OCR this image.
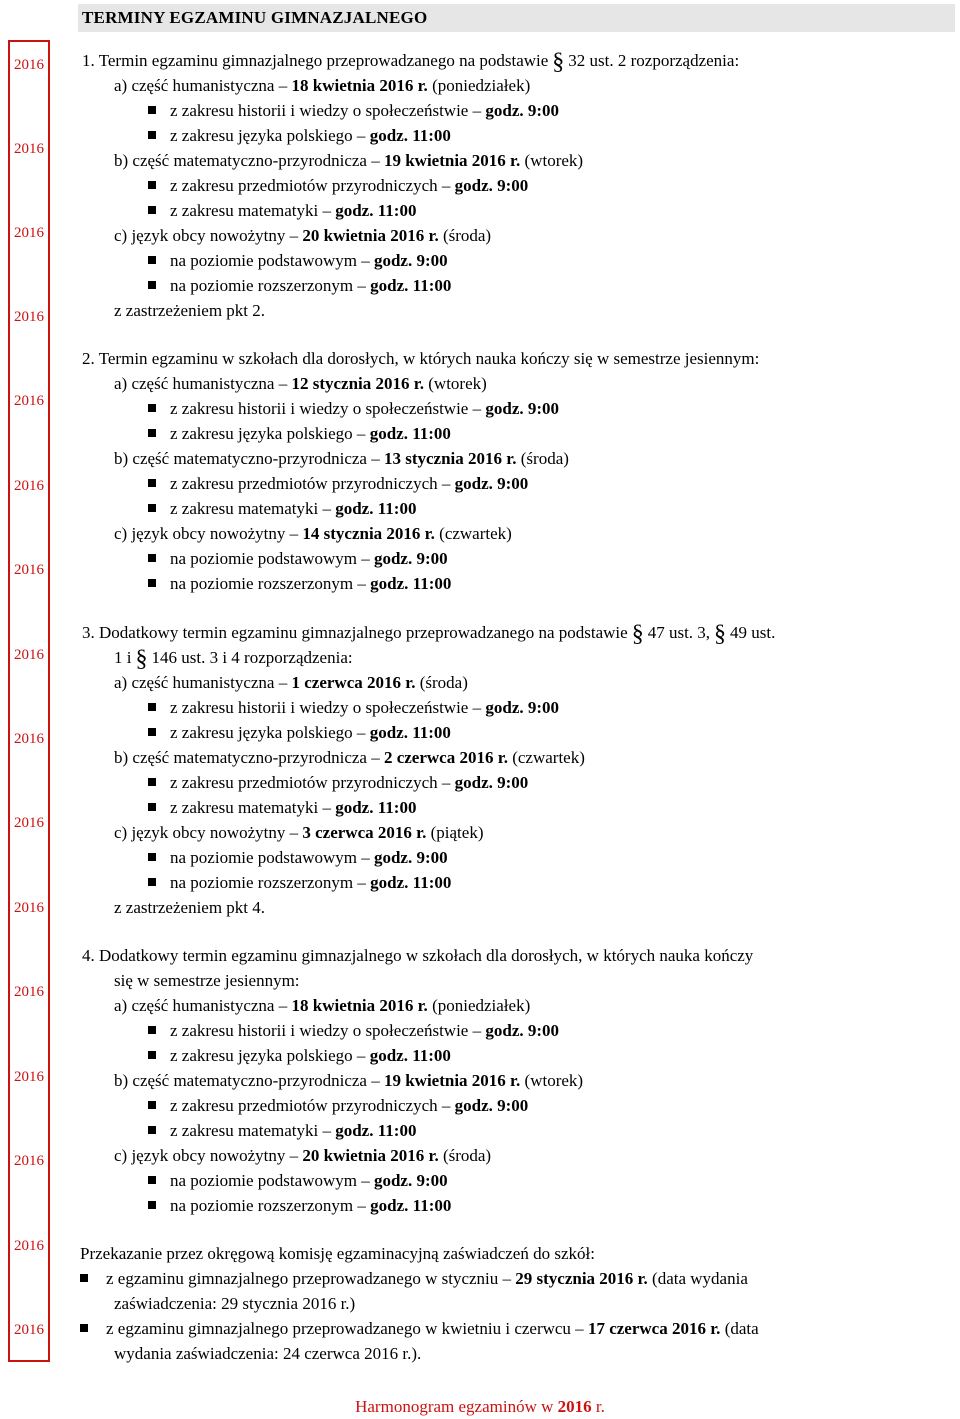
2016
2016
2016
2016
2016
2016
2016
2016
2016
2016
2016
2016
2016
2016
2016
2016
TERMINY EGZAMINU GIMNAZJALNEGO
1. Termin egzaminu gimnazjalnego przeprowadzanego na podstawie § 32 ust. 2 rozporządzenia:
a) część humanistyczna – 18 kwietnia 2016 r. (poniedziałek)
z zakresu historii i wiedzy o społeczeństwie – godz. 9:00
z zakresu języka polskiego – godz. 11:00
b) część matematyczno-przyrodnicza – 19 kwietnia 2016 r. (wtorek)
z zakresu przedmiotów przyrodniczych – godz. 9:00
z zakresu matematyki – godz. 11:00
c) język obcy nowożytny – 20 kwietnia 2016 r. (środa)
na poziomie podstawowym – godz. 9:00
na poziomie rozszerzonym – godz. 11:00
z zastrzeżeniem pkt 2.
2. Termin egzaminu w szkołach dla dorosłych, w których nauka kończy się w semestrze jesiennym:
a) część humanistyczna – 12 stycznia 2016 r. (wtorek)
z zakresu historii i wiedzy o społeczeństwie – godz. 9:00
z zakresu języka polskiego – godz. 11:00
b) część matematyczno-przyrodnicza – 13 stycznia 2016 r. (środa)
z zakresu przedmiotów przyrodniczych – godz. 9:00
z zakresu matematyki – godz. 11:00
c) język obcy nowożytny – 14 stycznia 2016 r. (czwartek)
na poziomie podstawowym – godz. 9:00
na poziomie rozszerzonym – godz. 11:00
3. Dodatkowy termin egzaminu gimnazjalnego przeprowadzanego na podstawie § 47 ust. 3, § 49 ust.
1 i § 146 ust. 3 i 4 rozporządzenia:
a) część humanistyczna – 1 czerwca 2016 r. (środa)
z zakresu historii i wiedzy o społeczeństwie – godz. 9:00
z zakresu języka polskiego – godz. 11:00
b) część matematyczno-przyrodnicza – 2 czerwca 2016 r. (czwartek)
z zakresu przedmiotów przyrodniczych – godz. 9:00
z zakresu matematyki – godz. 11:00
c) język obcy nowożytny – 3 czerwca 2016 r. (piątek)
na poziomie podstawowym – godz. 9:00
na poziomie rozszerzonym – godz. 11:00
z zastrzeżeniem pkt 4.
4. Dodatkowy termin egzaminu gimnazjalnego w szkołach dla dorosłych, w których nauka kończy
się w semestrze jesiennym:
a) część humanistyczna – 18 kwietnia 2016 r. (poniedziałek)
z zakresu historii i wiedzy o społeczeństwie – godz. 9:00
z zakresu języka polskiego – godz. 11:00
b) część matematyczno-przyrodnicza – 19 kwietnia 2016 r. (wtorek)
z zakresu przedmiotów przyrodniczych – godz. 9:00
z zakresu matematyki – godz. 11:00
c) język obcy nowożytny – 20 kwietnia 2016 r. (środa)
na poziomie podstawowym – godz. 9:00
na poziomie rozszerzonym – godz. 11:00
Przekazanie przez okręgową komisję egzaminacyjną zaświadczeń do szkół:
z egzaminu gimnazjalnego przeprowadzanego w styczniu – 29 stycznia 2016 r. (data wydania
zaświadczenia: 29 stycznia 2016 r.)
z egzaminu gimnazjalnego przeprowadzanego w kwietniu i czerwcu – 17 czerwca 2016 r. (data
wydania zaświadczenia: 24 czerwca 2016 r.).
Harmonogram egzaminów w 2016 r.
